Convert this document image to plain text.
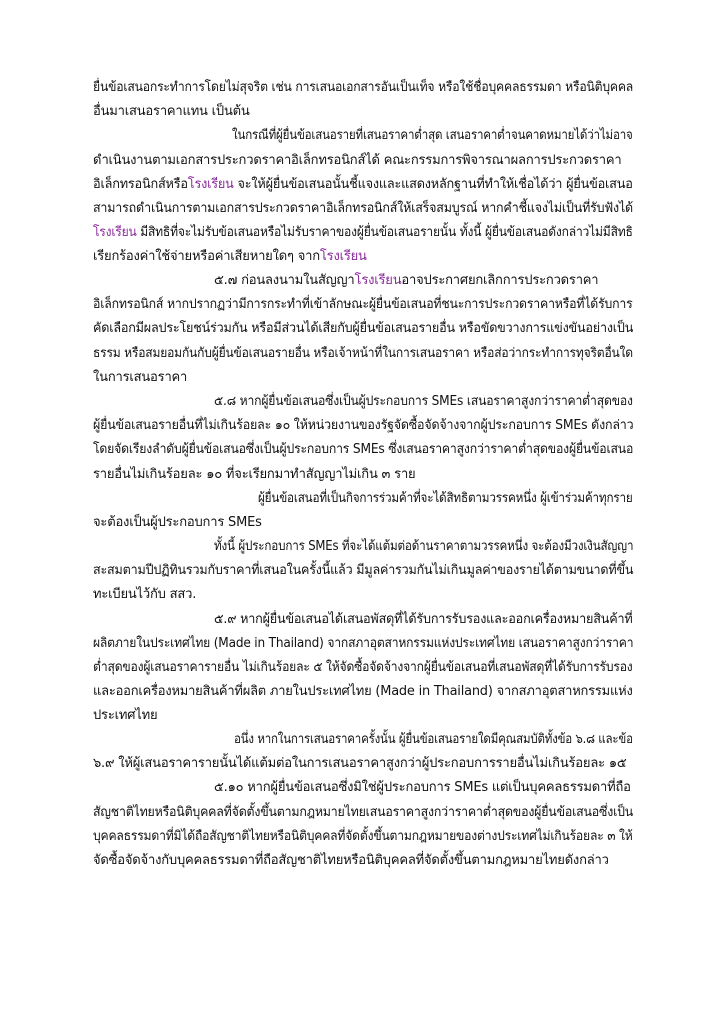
ยื่นข้อเสนอกระทำการโดยไม่สุจริต เช่น การเสนอเอกสารอันเป็นเท็จ หรือใช้ชื่อบุคคลธรรมดา หรือนิติบุคคล
อื่นมาเสนอราคาแทน เป็นต้น
ในกรณีที่ผู้ยื่นข้อเสนอรายที่เสนอราคาต่ำสุด เสนอราคาต่ำจนคาดหมายได้ว่าไม่อาจ
ดำเนินงานตามเอกสารประกวดราคาอิเล็กทรอนิกส์ได้ คณะกรรมการพิจารณาผลการประกวดราคา
อิเล็กทรอนิกส์หรือโรงเรียน จะให้ผู้ยื่นข้อเสนอนั้นชี้แจงและแสดงหลักฐานที่ทำให้เชื่อได้ว่า ผู้ยื่นข้อเสนอ
สามารถดำเนินการตามเอกสารประกวดราคาอิเล็กทรอนิกส์ให้เสร็จสมบูรณ์ หากคำชี้แจงไม่เป็นที่รับฟังได้
โรงเรียน มีสิทธิที่จะไม่รับข้อเสนอหรือไม่รับราคาของผู้ยื่นข้อเสนอรายนั้น ทั้งนี้ ผู้ยื่นข้อเสนอดังกล่าวไม่มีสิทธิ
เรียกร้องค่าใช้จ่ายหรือค่าเสียหายใดๆ จากโรงเรียน
๕.๗ ก่อนลงนามในสัญญาโรงเรียนอาจประกาศยกเลิกการประกวดราคา
อิเล็กทรอนิกส์ หากปรากฏว่ามีการกระทำที่เข้าลักษณะผู้ยื่นข้อเสนอที่ชนะการประกวดราคาหรือที่ได้รับการ
คัดเลือกมีผลประโยชน์ร่วมกัน หรือมีส่วนได้เสียกับผู้ยื่นข้อเสนอรายอื่น หรือขัดขวางการแข่งขันอย่างเป็น
ธรรม หรือสมยอมกันกับผู้ยื่นข้อเสนอรายอื่น หรือเจ้าหน้าที่ในการเสนอราคา หรือส่อว่ากระทำการทุจริตอื่นใด
ในการเสนอราคา
๕.๘ หากผู้ยื่นข้อเสนอซึ่งเป็นผู้ประกอบการ SMEs เสนอราคาสูงกว่าราคาต่ำสุดของ
ผู้ยื่นข้อเสนอรายอื่นที่ไม่เกินร้อยละ ๑๐ ให้หน่วยงานของรัฐจัดซื้อจัดจ้างจากผู้ประกอบการ SMEs ดังกล่าว
โดยจัดเรียงลำดับผู้ยื่นข้อเสนอซึ่งเป็นผู้ประกอบการ SMEs ซึ่งเสนอราคาสูงกว่าราคาต่ำสุดของผู้ยื่นข้อเสนอ
รายอื่นไม่เกินร้อยละ ๑๐ ที่จะเรียกมาทำสัญญาไม่เกิน ๓ ราย
ผู้ยื่นข้อเสนอที่เป็นกิจการร่วมค้าที่จะได้สิทธิตามวรรคหนึ่ง ผู้เข้าร่วมค้าทุกราย
จะต้องเป็นผู้ประกอบการ SMEs
ทั้งนี้ ผู้ประกอบการ SMEs ที่จะได้แต้มต่อด้านราคาตามวรรคหนึ่ง จะต้องมีวงเงินสัญญา
สะสมตามปีปฏิทินรวมกับราคาที่เสนอในครั้งนี้แล้ว มีมูลค่ารวมกันไม่เกินมูลค่าของรายได้ตามขนาดที่ขึ้น
ทะเบียนไว้กับ สสว.
๕.๙ หากผู้ยื่นข้อเสนอได้เสนอพัสดุที่ได้รับการรับรองและออกเครื่องหมายสินค้าที่
ผลิตภายในประเทศไทย (Made in Thailand) จากสภาอุตสาหกรรมแห่งประเทศไทย เสนอราคาสูงกว่าราคา
ต่ำสุดของผู้เสนอราคารายอื่น ไม่เกินร้อยละ ๕ ให้จัดซื้อจัดจ้างจากผู้ยื่นข้อเสนอที่เสนอพัสดุที่ได้รับการรับรอง
และออกเครื่องหมายสินค้าที่ผลิต ภายในประเทศไทย (Made in Thailand) จากสภาอุตสาหกรรมแห่ง
ประเทศไทย
อนึ่ง หากในการเสนอราคาครั้งนั้น ผู้ยื่นข้อเสนอรายใดมีคุณสมบัติทั้งข้อ ๖.๘ และข้อ
๖.๙ ให้ผู้เสนอราคารายนั้นได้แต้มต่อในการเสนอราคาสูงกว่าผู้ประกอบการรายอื่นไม่เกินร้อยละ ๑๕
๕.๑๐ หากผู้ยื่นข้อเสนอซึ่งมิใช่ผู้ประกอบการ SMEs แต่เป็นบุคคลธรรมดาที่ถือ
สัญชาติไทยหรือนิติบุคคลที่จัดตั้งขึ้นตามกฎหมายไทยเสนอราคาสูงกว่าราคาต่ำสุดของผู้ยื่นข้อเสนอซึ่งเป็น
บุคคลธรรมดาที่มิได้ถือสัญชาติไทยหรือนิติบุคคลที่จัดตั้งขึ้นตามกฎหมายของต่างประเทศไม่เกินร้อยละ ๓ ให้
จัดซื้อจัดจ้างกับบุคคลธรรมดาที่ถือสัญชาติไทยหรือนิติบุคคลที่จัดตั้งขึ้นตามกฎหมายไทยดังกล่าว
